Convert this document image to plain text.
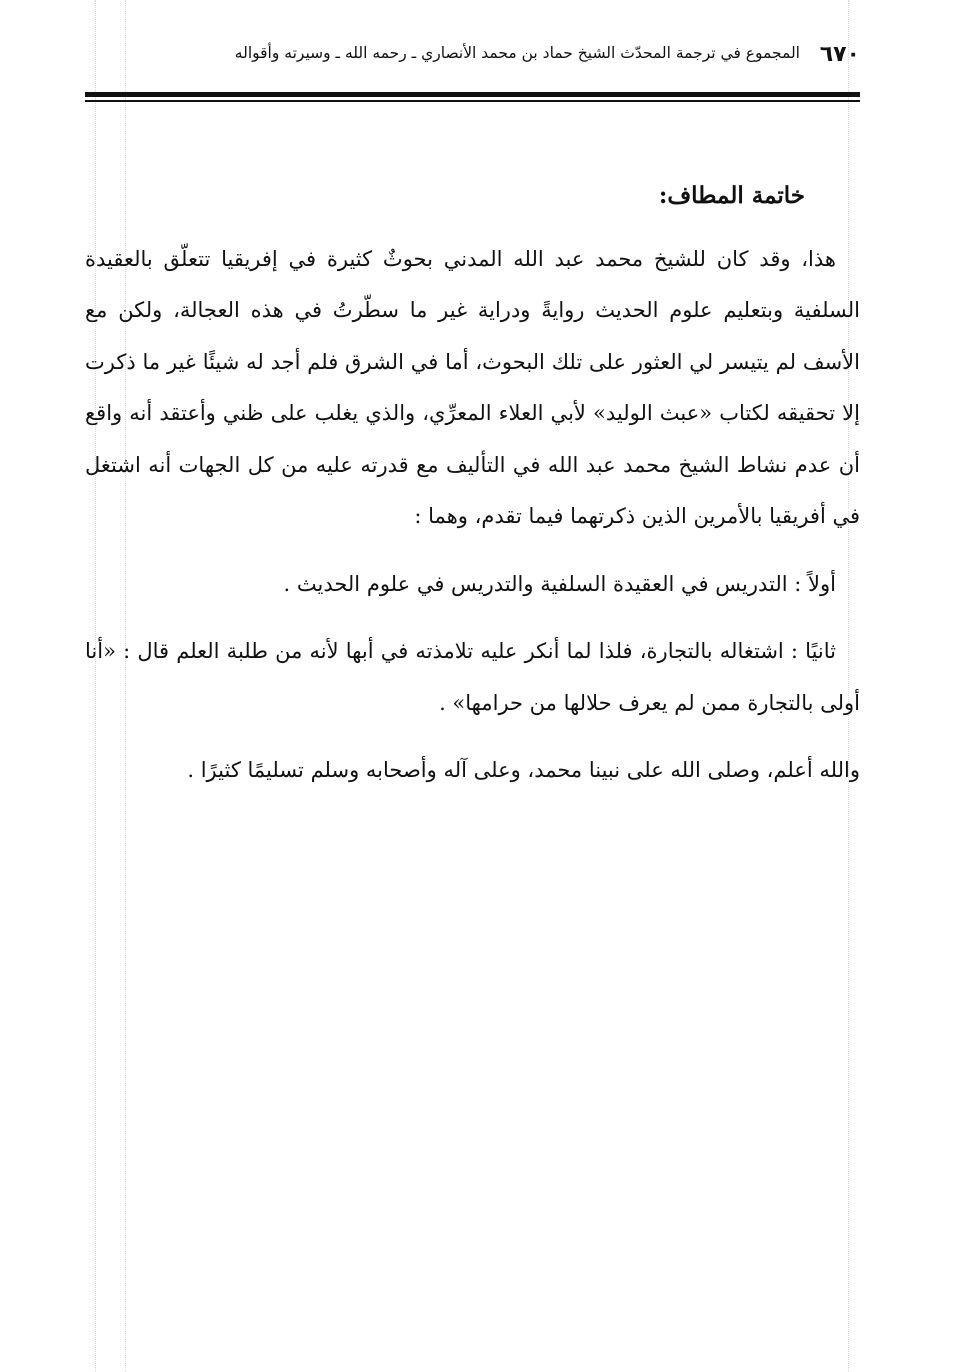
٦٧٠
المجموع في ترجمة المحدّث الشيخ حماد بن محمد الأنصاري ـ رحمه الله ـ وسيرته وأقواله
خاتمة المطاف:

هذا، وقد كان للشيخ محمد عبد الله المدني بحوثٌ كثيرة في إفريقيا تتعلّق بالعقيدة السلفية وبتعليم علوم الحديث روايةً ودراية غير ما سطّرتُ في هذه العجالة، ولكن مع الأسف لم يتيسر لي العثور على تلك البحوث، أما في الشرق فلم أجد له شيئًا غير ما ذكرت إلا تحقيقه لكتاب «عبث الوليد» لأبي العلاء المعرِّي، والذي يغلب على ظني وأعتقد أنه واقع أن عدم نشاط الشيخ محمد عبد الله في التأليف مع قدرته عليه من كل الجهات أنه اشتغل في أفريقيا بالأمرين الذين ذكرتهما فيما تقدم، وهما :

أولاً : التدريس في العقيدة السلفية والتدريس في علوم الحديث .

ثانيًا : اشتغاله بالتجارة، فلذا لما أنكر عليه تلامذته في أبها لأنه من طلبة العلم قال : «أنا أولى بالتجارة ممن لم يعرف حلالها من حرامها» .

والله أعلم، وصلى الله على نبينا محمد، وعلى آله وأصحابه وسلم تسليمًا كثيرًا .
